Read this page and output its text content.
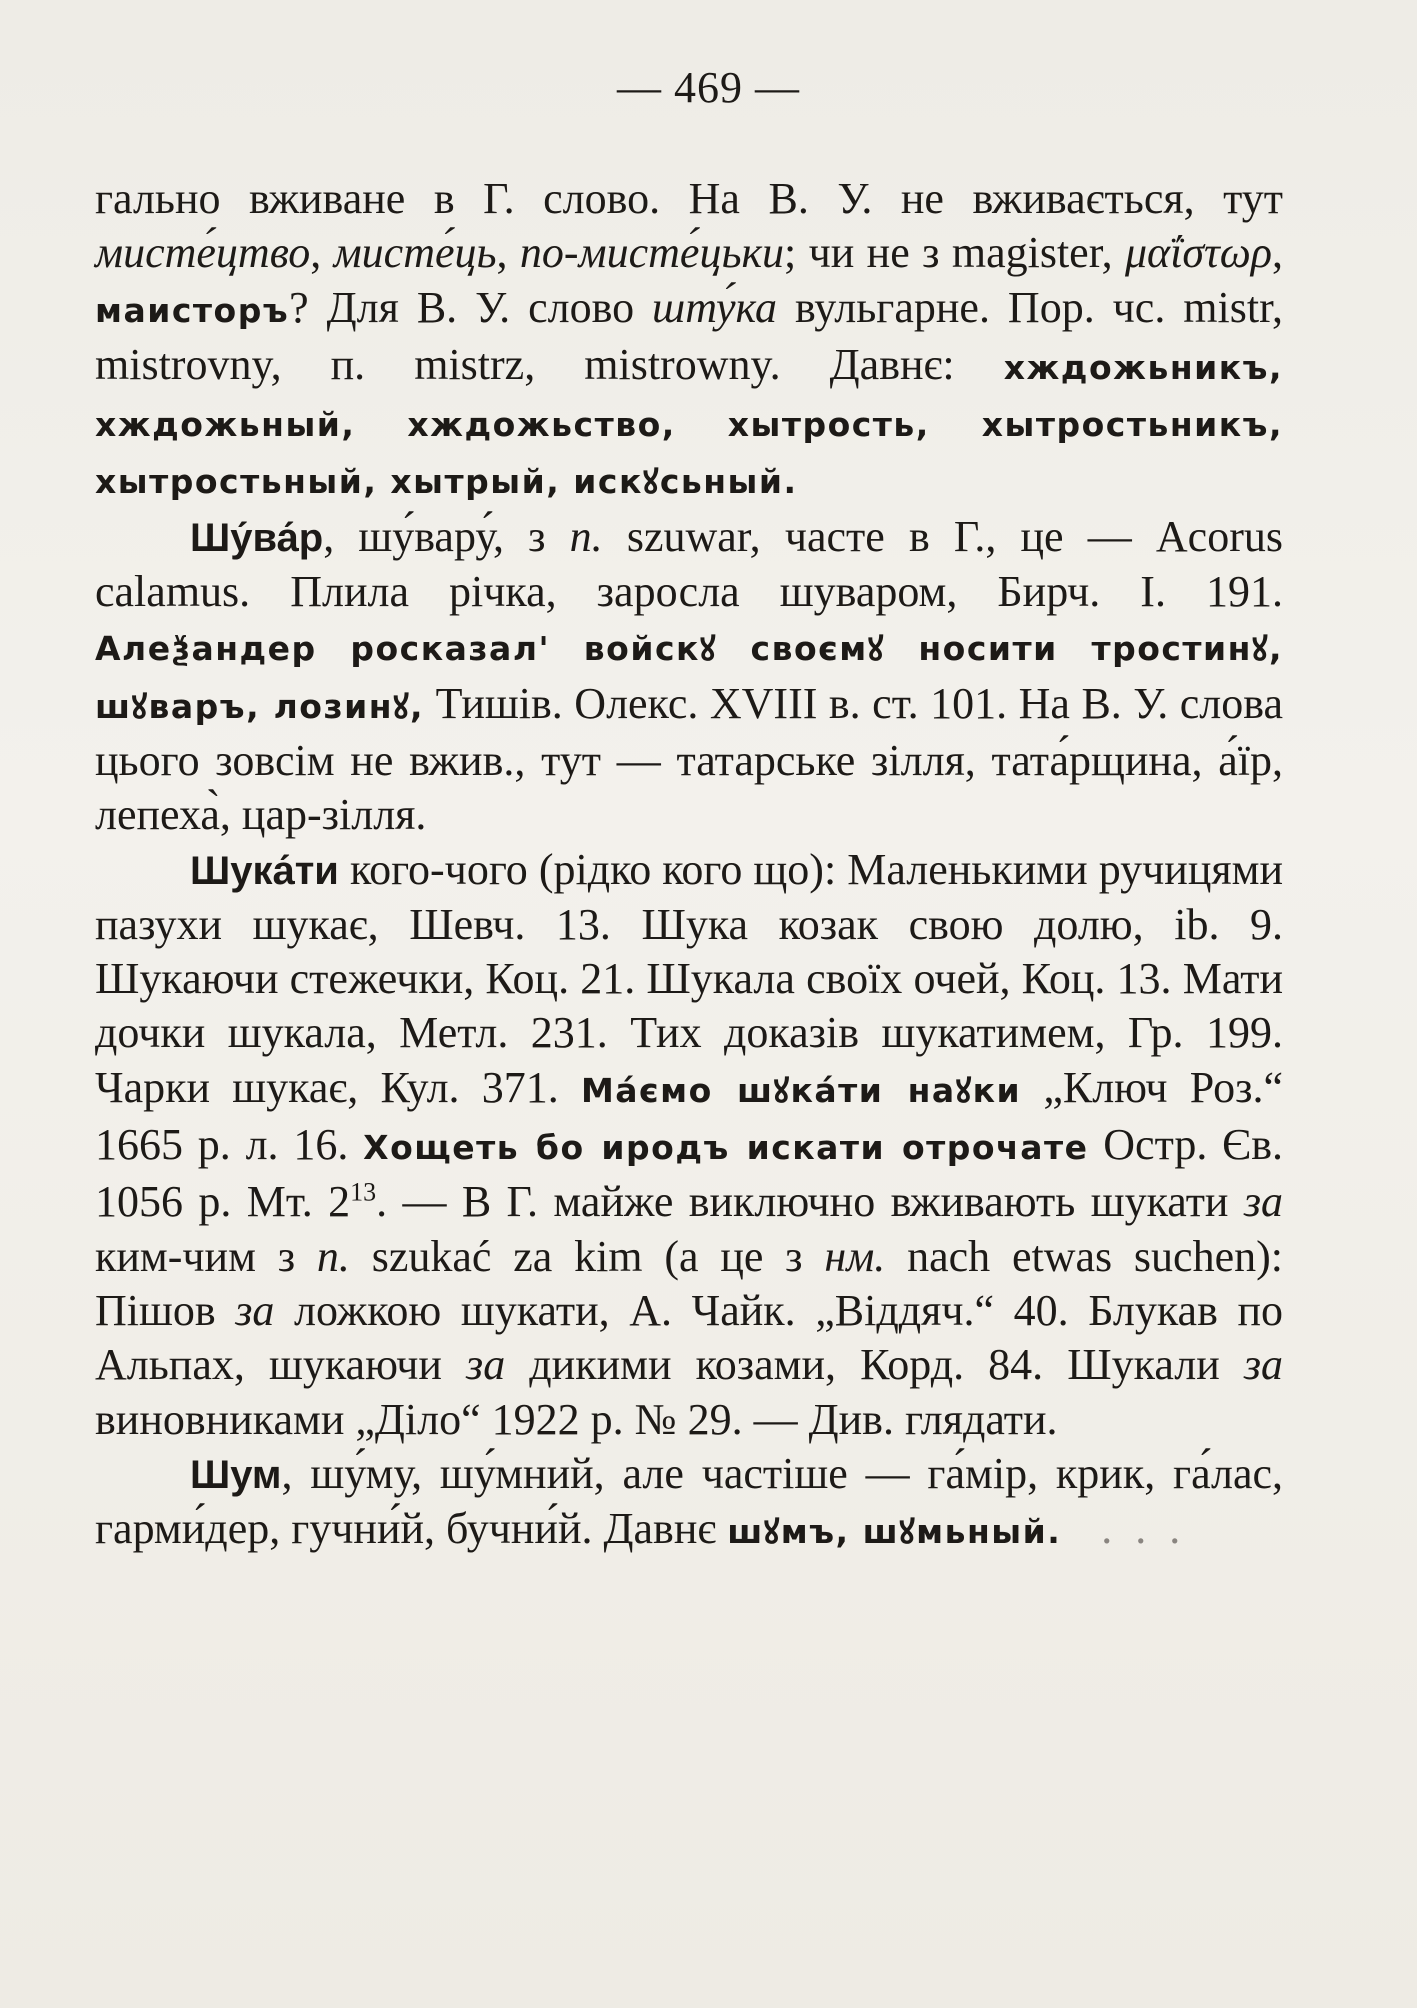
— 469 —

гально вживане в Г. слово. На В. У. не вживається, тут мисте́цтво, мисте́ць, по-мисте́цьки; чи не з magister, μαΐστωρ, маисторъ? Для В. У. слово шту́ка вульгарне. Пор. чс. mistr, mistrovny, п. mistrz, mistrowny. Давнє: хждожьникъ, хждожьный, хждожьство, хытрость, хытростьникъ, хытростьный, хытрый, искꙋсьный.

Шу́ва́р, шу́вару́, з п. szuwar, часте в Г., це — Acorus calamus. Плила річка, заросла шуваром, Бирч. І. 191. Алеѯандер росказал' войскꙋ своємꙋ носити тростинꙋ, шꙋваръ, лозинꙋ, Тишів. Олекс. XVIII в. ст. 101. На В. У. слова цього зовсім не вжив., тут — татарське зілля, тата́рщина, а́їр, лепеха̀, цар-зілля.

Шука́ти кого-чого (рідко кого що): Маленькими ручицями пазухи шукає, Шевч. 13. Шука козак свою долю, ib. 9. Шукаючи стежечки, Коц. 21. Шукала своїх очей, Коц. 13. Мати дочки шукала, Метл. 231. Тих доказів шукатимем, Гр. 199. Чарки шукає, Кул. 371. Ма́ємо шꙋка́ти наꙋки „Ключ Роз.“ 1665 р. л. 16. Хощеть бо иродъ искати отрочате Остр. Єв. 1056 р. Мт. $2^{13}$. — В Г. майже виключно вживають шукати за ким-чим з п. szukać za kim (а це з нм. nach etwas suchen): Пішов за ложкою шукати, А. Чайк. „Віддяч.“ 40. Блукав по Альпах, шукаючи за дикими козами, Корд. 84. Шукали за виновниками „Діло“ 1922 р. № 29. — Див. глядати.

Шум, шу́му, шу́мний, але частіше — га́мір, крик, га́лас, гарми́дер, гучни́й, бучни́й. Давнє шꙋмъ, шꙋмьный. . . .
